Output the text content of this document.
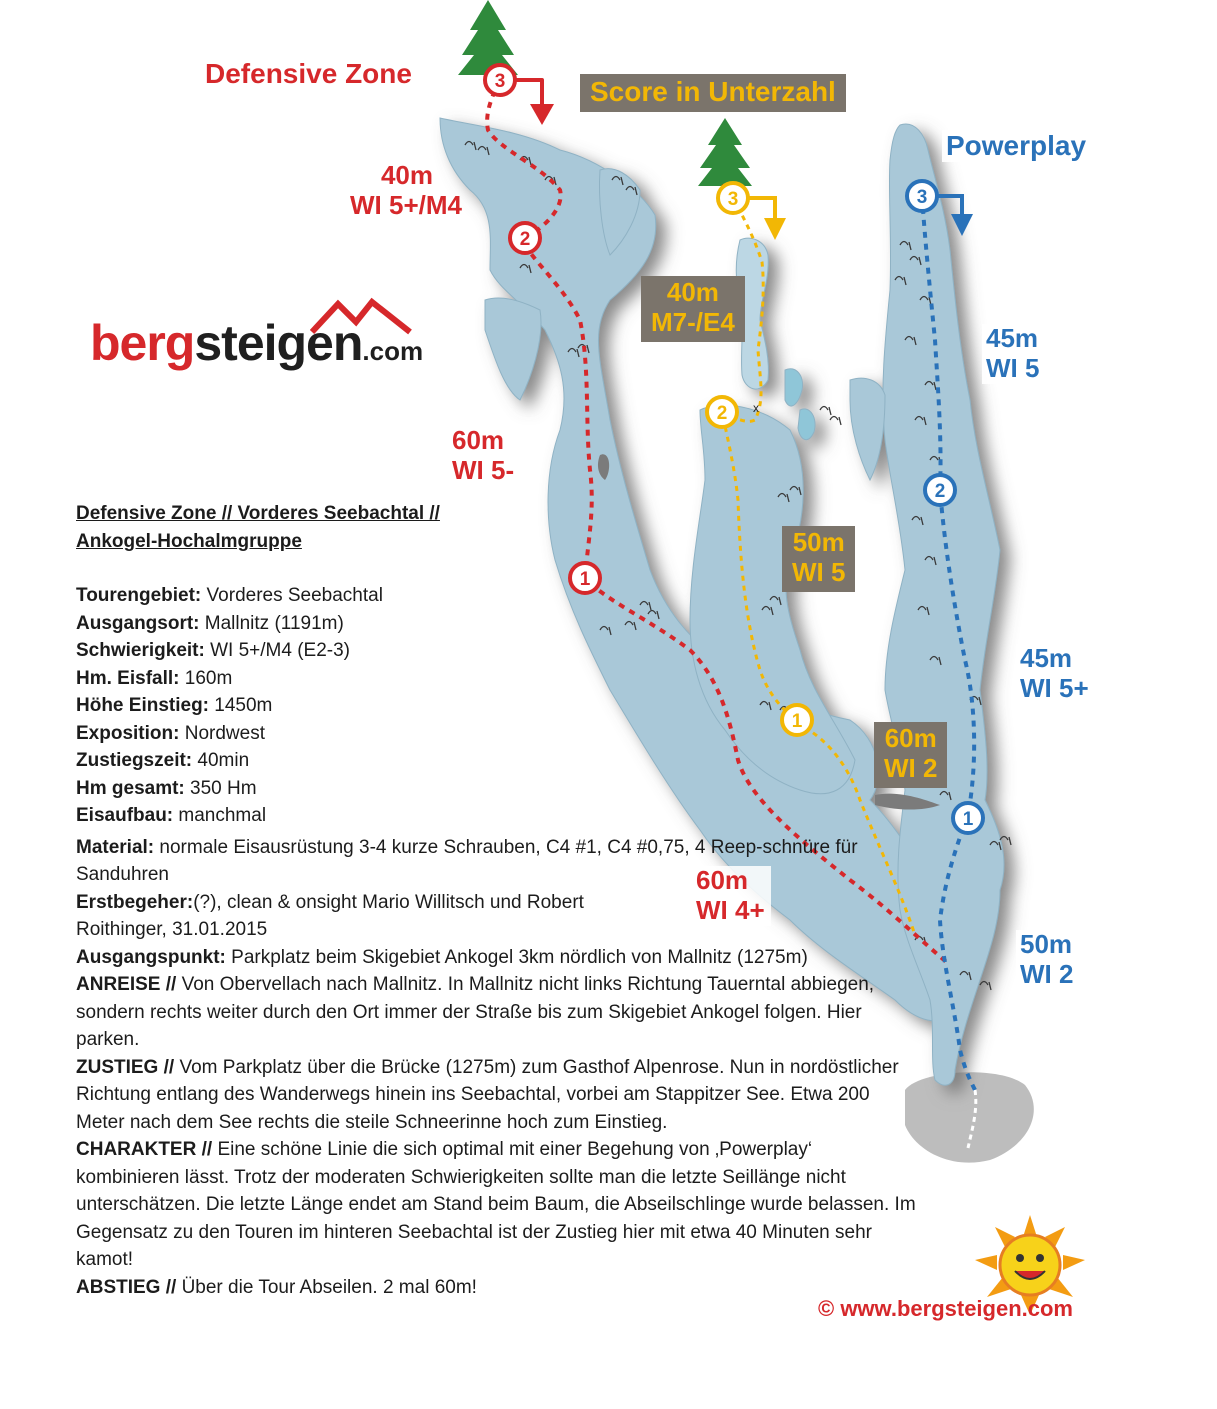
3
2
1
3
2
1
3
2
1
x
Defensive Zone
Score in Unterzahl
Powerplay
40m
WI 5+/M4
60m
WI 5-
60m
WI 4+
40m
M7-/E4
50m
WI 5
60m
WI 2
45m
WI 5
45m
WI 5+
50m
WI 2
bergsteigen.com

Defensive Zone // Vorderes Seebachtal //
Ankogel-Hochalmgruppe

Tourengebiet: Vorderes Seebachtal

Ausgangsort: Mallnitz (1191m)

Schwierigkeit: WI 5+/M4 (E2-3)

Hm. Eisfall: 160m

Höhe Einstieg: 1450m

Exposition: Nordwest

Zustiegszeit: 40min

Hm gesamt: 350 Hm

Eisaufbau: manchmal

Material: normale Eisausrüstung 3-4 kurze Schrauben, C4 #1, C4 #0,75, 4 Reep-schnüre für Sanduhren

Erstbegeher:(?), clean & onsight Mario Willitsch und Robert Roithinger, 31.01.2015

Ausgangspunkt: Parkplatz beim Skigebiet Ankogel 3km nördlich von Mallnitz (1275m)

ANREISE // Von Obervellach nach Mallnitz. In Mallnitz nicht links Richtung Tauerntal abbiegen, sondern rechts weiter durch den Ort immer der Straße bis zum Skigebiet Ankogel folgen. Hier parken.

ZUSTIEG // Vom Parkplatz über die Brücke (1275m) zum Gasthof Alpenrose. Nun in nordöstlicher Richtung entlang des Wanderwegs hinein ins Seebachtal, vorbei am Stappitzer See. Etwa 200 Meter nach dem See rechts die steile Schneerinne hoch zum Einstieg.

CHARAKTER // Eine schöne Linie die sich optimal mit einer Begehung von ‚Powerplay‘ kombinieren lässt. Trotz der moderaten Schwierigkeiten sollte man die letzte Seillänge nicht unterschätzen. Die letzte Länge endet am Stand beim Baum, die Abseilschlinge wurde belassen. Im Gegensatz zu den Touren im hinteren Seebachtal ist der Zustieg hier mit etwa 40 Minuten sehr kamot!

ABSTIEG // Über die Tour Abseilen. 2 mal 60m!

© www.bergsteigen.com
